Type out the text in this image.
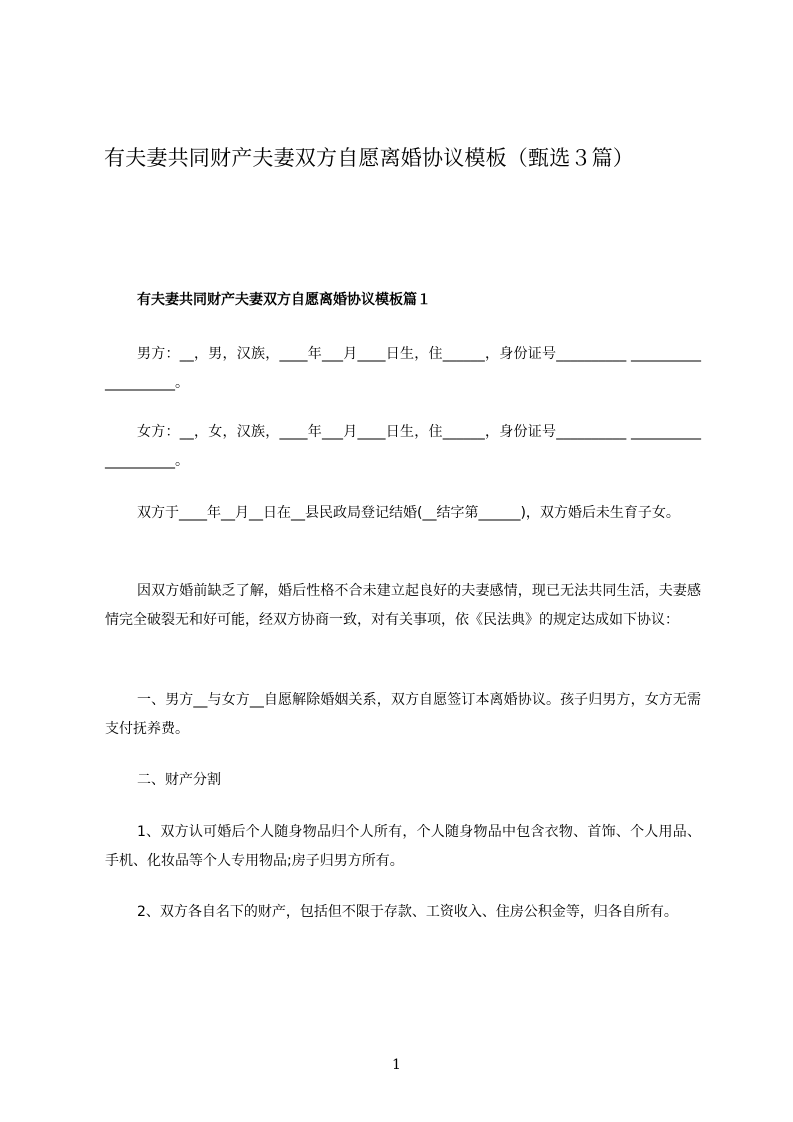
有夫妻共同财产夫妻双方自愿离婚协议模板（甄选３篇）
有夫妻共同财产夫妻双方自愿离婚协议模板篇１
男方：__，男，汉族，____年___月____日生，住______，身份证号__________ ____________________。
女方：__，女，汉族，____年___月____日生，住______，身份证号__________ ____________________。
双方于____年__月__日在__县民政局登记结婚(__结字第______)，双方婚后未生育子女。
因双方婚前缺乏了解，婚后性格不合未建立起良好的夫妻感情，现已无法共同生活，夫妻感情完全破裂无和好可能，经双方协商一致，对有关事项，依《民法典》的规定达成如下协议：
一、男方__与女方__自愿解除婚姻关系，双方自愿签订本离婚协议。孩子归男方，女方无需支付抚养费。
二、财产分割
1、双方认可婚后个人随身物品归个人所有，个人随身物品中包含衣物、首饰、个人用品、手机、化妆品等个人专用物品;房子归男方所有。
2、双方各自名下的财产，包括但不限于存款、工资收入、住房公积金等，归各自所有。
1
